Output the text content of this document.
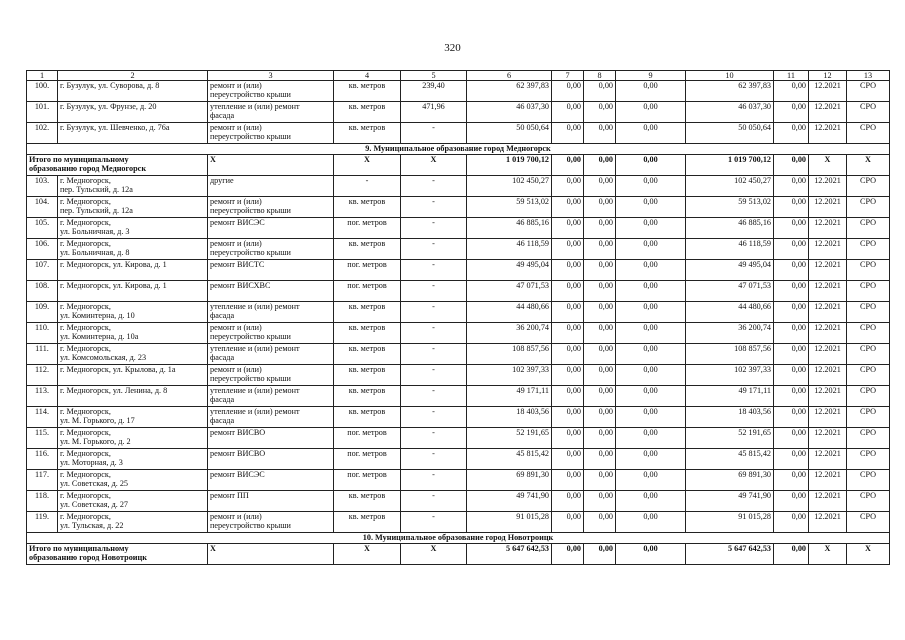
320
1	2	3	4	5	6	7	8	9	10	11	12	13
100.	г. Бузулук, ул. Суворова, д. 8	ремонт и (или)
переустройство крыши	кв. метров	239,40	62 397,83	0,00	0,00	0,00	62 397,83	0,00	12.2021	СРО
101.	г. Бузулук, ул. Фрунзе, д. 20	утепление и (или) ремонт
фасада	кв. метров	471,96	46 037,30	0,00	0,00	0,00	46 037,30	0,00	12.2021	СРО
102.	г. Бузулук, ул. Шевченко, д. 76а	ремонт и (или)
переустройство крыши	кв. метров	-	50 050,64	0,00	0,00	0,00	50 050,64	0,00	12.2021	СРО
9. Муниципальное образование город Медногорск												
Итого по муниципальному
образованию город Медногорск		Х	Х	Х	1 019 700,12	0,00	0,00	0,00	1 019 700,12	0,00	Х	Х
103.	г. Медногорск,
пер. Тульский, д. 12а	другие	-	-	102 450,27	0,00	0,00	0,00	102 450,27	0,00	12.2021	СРО
104.	г. Медногорск,
пер. Тульский, д. 12а	ремонт и (или)
переустройство крыши	кв. метров	-	59 513,02	0,00	0,00	0,00	59 513,02	0,00	12.2021	СРО
105.	г. Медногорск,
ул. Больничная, д. 3	ремонт ВИСЭС	пог. метров	-	46 885,16	0,00	0,00	0,00	46 885,16	0,00	12.2021	СРО
106.	г. Медногорск,
ул. Больничная, д. 8	ремонт и (или)
переустройство крыши	кв. метров	-	46 118,59	0,00	0,00	0,00	46 118,59	0,00	12.2021	СРО
107.	г. Медногорск, ул. Кирова, д. 1	ремонт ВИСТС	пог. метров	-	49 495,04	0,00	0,00	0,00	49 495,04	0,00	12.2021	СРО
108.	г. Медногорск, ул. Кирова, д. 1	ремонт ВИСХВС	пог. метров	-	47 071,53	0,00	0,00	0,00	47 071,53	0,00	12.2021	СРО
109.	г. Медногорск,
ул. Коминтерна, д. 10	утепление и (или) ремонт
фасада	кв. метров	-	44 480,66	0,00	0,00	0,00	44 480,66	0,00	12.2021	СРО
110.	г. Медногорск,
ул. Коминтерна, д. 10а	ремонт и (или)
переустройство крыши	кв. метров	-	36 200,74	0,00	0,00	0,00	36 200,74	0,00	12.2021	СРО
111.	г. Медногорск,
ул. Комсомольская, д. 23	утепление и (или) ремонт
фасада	кв. метров	-	108 857,56	0,00	0,00	0,00	108 857,56	0,00	12.2021	СРО
112.	г. Медногорск, ул. Крылова, д. 1а	ремонт и (или)
переустройство крыши	кв. метров	-	102 397,33	0,00	0,00	0,00	102 397,33	0,00	12.2021	СРО
113.	г. Медногорск, ул. Ленина, д. 8	утепление и (или) ремонт
фасада	кв. метров	-	49 171,11	0,00	0,00	0,00	49 171,11	0,00	12.2021	СРО
114.	г. Медногорск,
ул. М. Горького, д. 17	утепление и (или) ремонт
фасада	кв. метров	-	18 403,56	0,00	0,00	0,00	18 403,56	0,00	12.2021	СРО
115.	г. Медногорск,
ул. М. Горького, д. 2	ремонт ВИСВО	пог. метров	-	52 191,65	0,00	0,00	0,00	52 191,65	0,00	12.2021	СРО
116.	г. Медногорск,
ул. Моторная, д. 3	ремонт ВИСВО	пог. метров	-	45 815,42	0,00	0,00	0,00	45 815,42	0,00	12.2021	СРО
117.	г. Медногорск,
ул. Советская, д. 25	ремонт ВИСЭС	пог. метров	-	69 891,30	0,00	0,00	0,00	69 891,30	0,00	12.2021	СРО
118.	г. Медногорск,
ул. Советская, д. 27	ремонт ПП	кв. метров	-	49 741,90	0,00	0,00	0,00	49 741,90	0,00	12.2021	СРО
119.	г. Медногорск,
ул. Тульская, д. 22	ремонт и (или)
переустройство крыши	кв. метров	-	91 015,28	0,00	0,00	0,00	91 015,28	0,00	12.2021	СРО
10. Муниципальное образование город Новотроицк												
Итого по муниципальному
образованию город Новотроицк		Х	Х	Х	5 647 642,53	0,00	0,00	0,00	5 647 642,53	0,00	Х	Х
